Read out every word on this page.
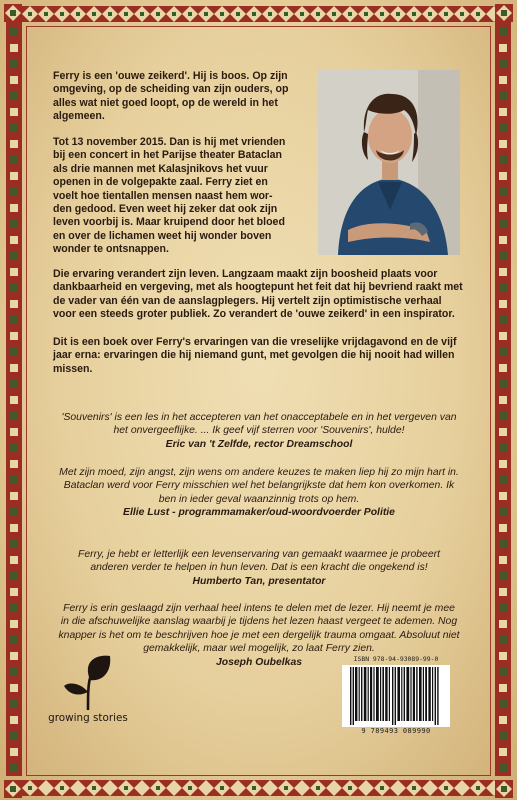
Ferry is een 'ouwe zeikerd'. Hij is boos. Op zijn omgeving, op de scheiding van zijn ouders, op alles wat niet goed loopt, op de wereld in het algemeen.

Tot 13 november 2015. Dan is hij met vrienden
bij een concert in het Parijse theater Bataclan
als drie mannen met Kalasjnikovs het vuur
openen in de volgepakte zaal. Ferry ziet en
voelt hoe tientallen mensen naast hem wor-
den gedood. Even weet hij zeker dat ook zijn
leven voorbij is. Maar kruipend door het bloed
en over de lichamen weet hij wonder boven
wonder te ontsnappen.

Die ervaring verandert zijn leven. Langzaam maakt zijn boosheid plaats voor dankbaarheid en vergeving, met als hoogtepunt het feit dat hij bevriend raakt met de vader van één van de aanslagplegers. Hij vertelt zijn optimistische verhaal voor een steeds groter publiek. Zo verandert de 'ouwe zeikerd' in een inspirator.

Dit is een boek over Ferry's ervaringen van die vreselijke vrijdagavond en de vijf jaar erna: ervaringen die hij niemand gunt, met gevolgen die hij nooit had willen missen.

'Souvenirs' is een les in het accepteren van het onacceptabele en in het vergeven van het onvergeeflijke. ... Ik geef vijf sterren voor 'Souvenirs', hulde!
Eric van 't Zelfde, rector Dreamschool
Met zijn moed, zijn angst, zijn wens om andere keuzes te maken liep hij zo mijn hart in. Bataclan werd voor Ferry misschien wel het belangrijkste dat hem kon overkomen. Ik ben in ieder geval waanzinnig trots op hem.
Ellie Lust - programmamaker/oud-woordvoerder Politie
Ferry, je hebt er letterlijk een levenservaring van gemaakt waarmee je probeert anderen verder te helpen in hun leven. Dat is een kracht die ongekend is!
Humberto Tan, presentator
Ferry is erin geslaagd zijn verhaal heel intens te delen met de lezer. Hij neemt je mee in die afschuwelijke aanslag waarbij je tijdens het lezen haast vergeet te ademen. Nog knapper is het om te beschrijven hoe je met een dergelijk trauma omgaat. Absoluut niet gemakkelijk, maar wel mogelijk, zo laat Ferry zien.
Joseph Oubelkas
growing stories
ISBN 978-94-93089-99-0
9 789493 089990
